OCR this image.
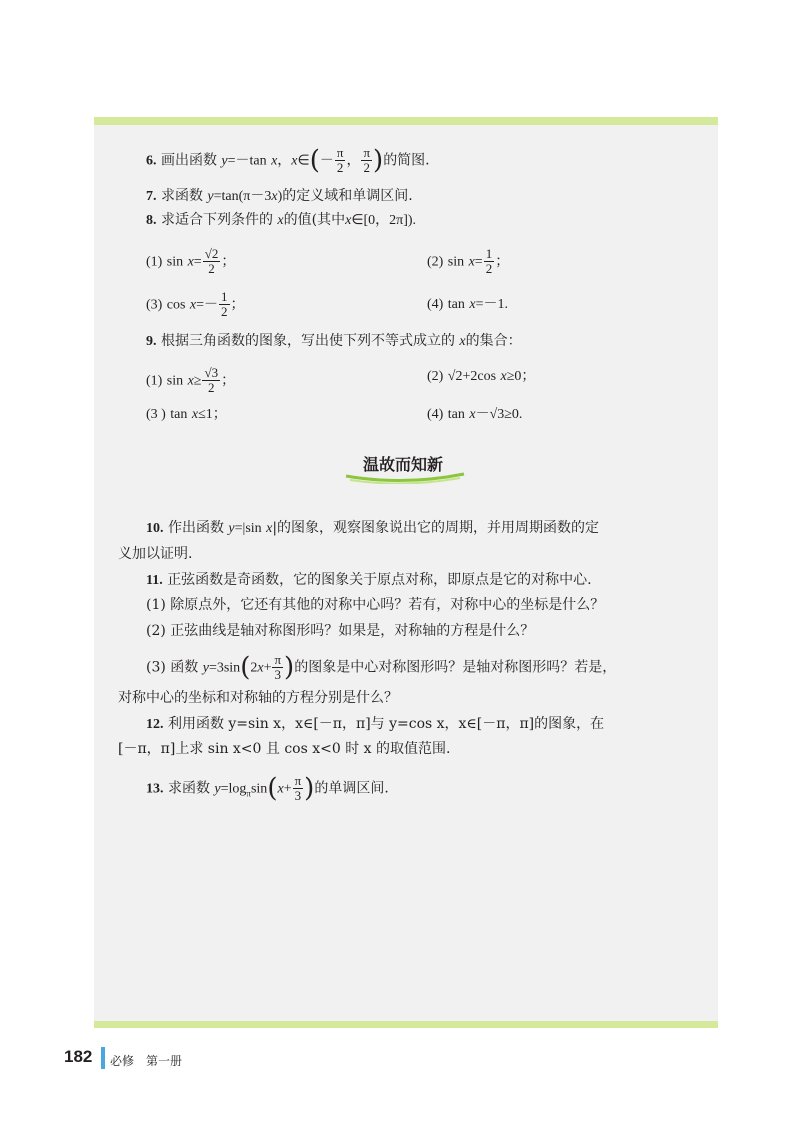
6. 画出函数 y=－tan x，x∈(－ $\frac{\pi}{2}$ ， $\frac{\pi}{2}$ )的简图.
7. 求函数 y=tan(π－3x)的定义域和单调区间.
8. 求适合下列条件的 x的值(其中x∈[0，2π]).
(1) $\sin x= \frac{√2}{2}$ ；	(2) $\sin x= \frac{1}{2}$ ；
(3) $\cos x=- \frac{1}{2}$ ；	(4) tan x=－1.
9. 根据三角函数的图象，写出使下列不等式成立的 x的集合：
(1) $\sin x\ge \frac{√3}{2}$ ；	(2) √2+2cos x≥0；
(3 ) tan x≤1；	(4) tan x－√3≥0.
温故而知新
10. 作出函数 y=|sin x|的图象，观察图象说出它的周期，并用周期函数的定
义加以证明.
11. 正弦函数是奇函数，它的图象关于原点对称，即原点是它的对称中心.
(1) 除原点外，它还有其他的对称中心吗？若有，对称中心的坐标是什么？
(2) 正弦曲线是轴对称图形吗？如果是，对称轴的方程是什么？
(3) 函数 $y=3\sin(2x+ \frac{\pi}{3}$ )的图象是中心对称图形吗？是轴对称图形吗？若是，
对称中心的坐标和对称轴的方程分别是什么？
12. 利用函数 y=sin x，x∈[－π，π]与 y=cos x，x∈[－π，π]的图象，在
[－π，π]上求 sin x<0 且 cos x<0 时 x 的取值范围.
13. 求函数 $y=\log_\pi\sin(x+ \frac{\pi}{3}$ )的单调区间.
182 必修　第一册
